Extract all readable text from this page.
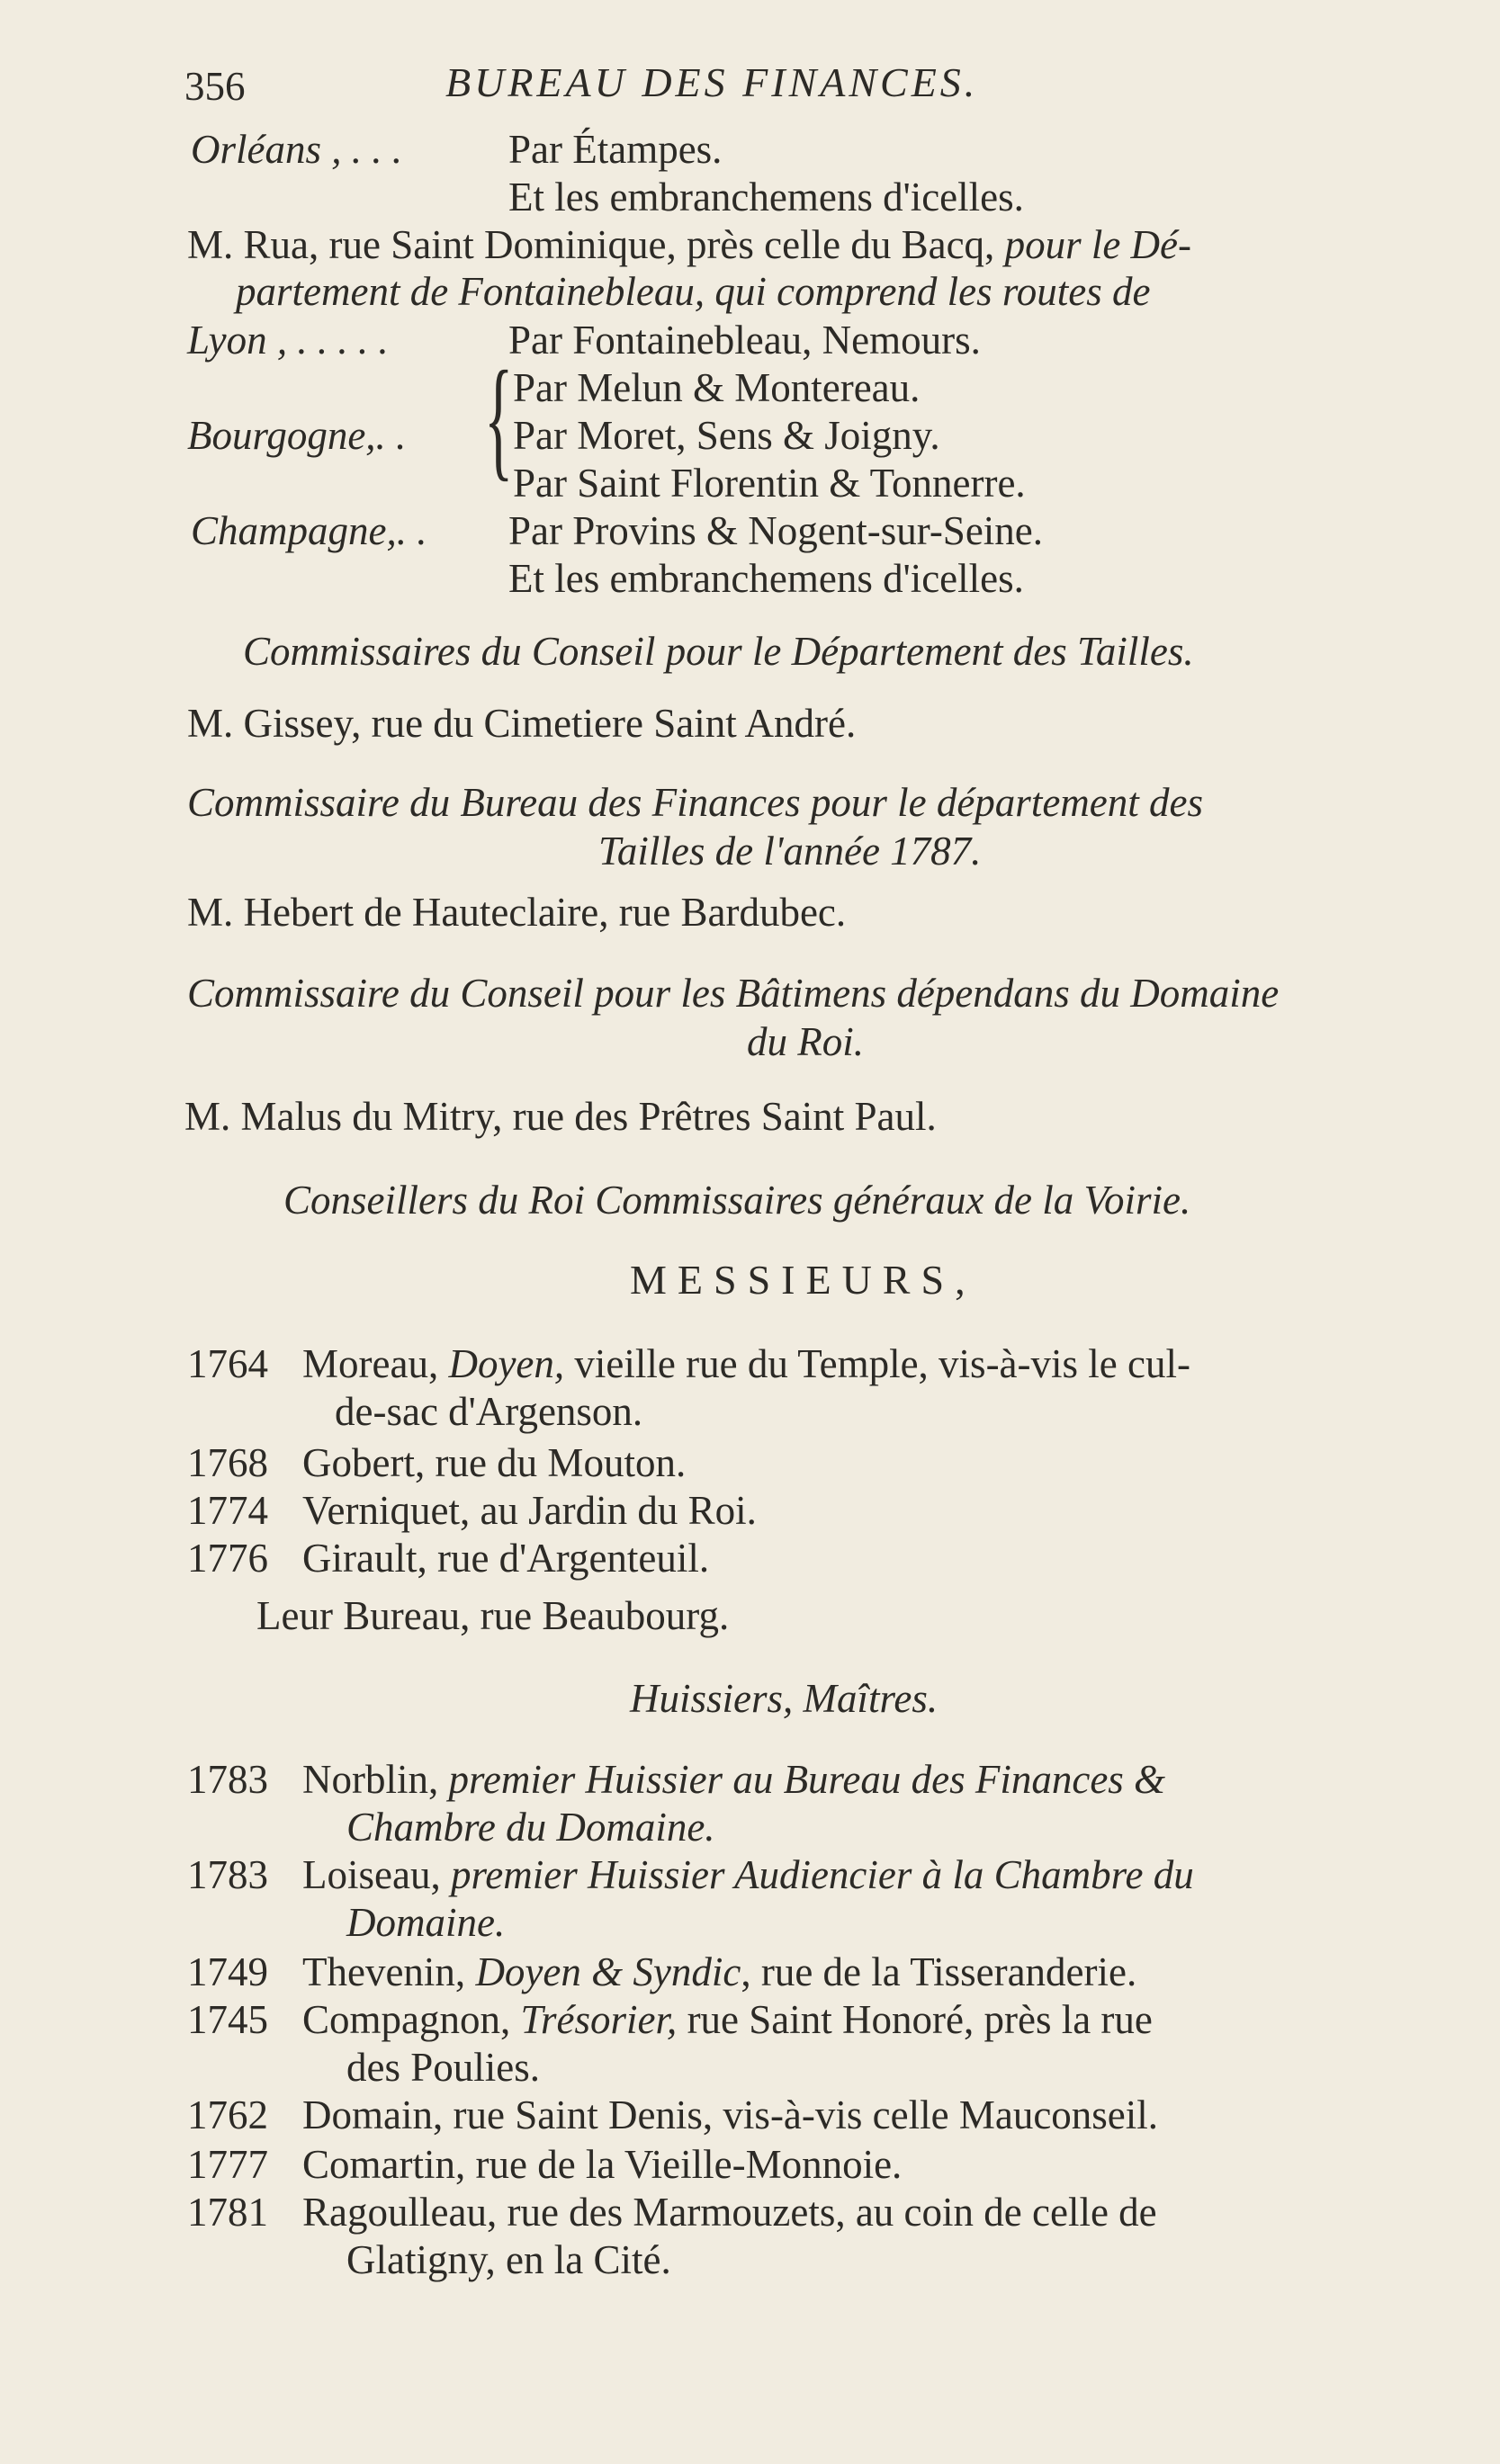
356	BUREAU DES FINANCES.
Orléans , . . .	Par Étampes.
Et les embranchemens d'icelles.
M. Rua, rue Saint Dominique, près celle du Bacq, pour le Dé-
partement de Fontainebleau, qui comprend les routes de
Lyon , . . . . .	Par Fontainebleau, Nemours.
{ Par Melun & Montereau.
Bourgogne,. .	Par Moret, Sens & Joigny.
Par Saint Florentin & Tonnerre.
Champagne,. . Par Provins & Nogent-sur-Seine.
Et les embranchemens d'icelles.
Commissaires du Conseil pour le Département des Tailles.
M. Gissey, rue du Cimetiere Saint André.
Commissaire du Bureau des Finances pour le département des
Tailles de l'année 1787.
M. Hebert de Hauteclaire, rue Bardubec.
Commissaire du Conseil pour les Bâtimens dépendans du Domaine
du Roi.
M. Malus du Mitry, rue des Prêtres Saint Paul.
Conseillers du Roi Commissaires généraux de la Voirie.
MESSIEURS,
1764 Moreau, Doyen, vieille rue du Temple, vis-à-vis le cul-
de-sac d'Argenson.
1768 Gobert, rue du Mouton.
1774 Verniquet, au Jardin du Roi.
1776 Girault, rue d'Argenteuil.
Leur Bureau, rue Beaubourg.
Huissiers, Maîtres.
1783 Norblin, premier Huissier au Bureau des Finances &
Chambre du Domaine.
1783 Loiseau, premier Huissier Audiencier à la Chambre du
Domaine.
1749 Thevenin, Doyen & Syndic, rue de la Tisseranderie.
1745 Compagnon, Trésorier, rue Saint Honoré, près la rue
des Poulies.
1762 Domain, rue Saint Denis, vis-à-vis celle Mauconseil.
1777 Comartin, rue de la Vieille-Monnoie.
1781 Ragoulleau, rue des Marmouzets, au coin de celle de
Glatigny, en la Cité.
